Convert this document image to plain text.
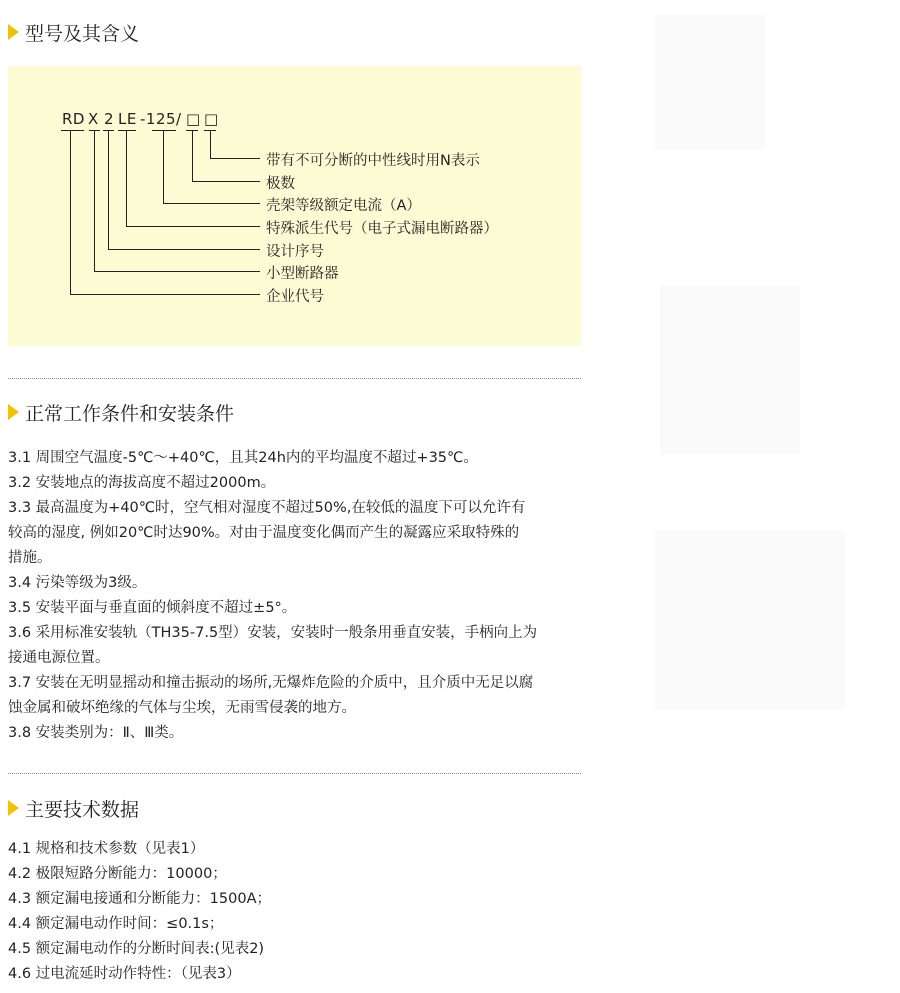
型号及其含义
RD X 2 LE -125/ □ □
带有不可分断的中性线时用N表示
极数
壳架等级额定电流（A）
特殊派生代号（电子式漏电断路器）
设计序号
小型断路器
企业代号
正常工作条件和安装条件
3.1 周围空气温度-5℃～+40℃，且其24h内的平均温度不超过+35℃。
3.2 安装地点的海拔高度不超过2000m。
3.3 最高温度为+40℃时，空气相对湿度不超过50%,在较低的温度下可以允许有
较高的湿度, 例如20℃时达90%。对由于温度变化偶而产生的凝露应采取特殊的
措施。
3.4 污染等级为3级。
3.5 安装平面与垂直面的倾斜度不超过±5°。
3.6 采用标准安装轨（TH35-7.5型）安装，安装时一般条用垂直安装，手柄向上为
接通电源位置。
3.7 安装在无明显摇动和撞击振动的场所,无爆炸危险的介质中，且介质中无足以腐
蚀金属和破坏绝缘的气体与尘埃，无雨雪侵袭的地方。
3.8 安装类别为：Ⅱ、Ⅲ类。
主要技术数据
4.1 规格和技术参数（见表1）
4.2 极限短路分断能力：10000；
4.3 额定漏电接通和分断能力：1500A；
4.4 额定漏电动作时间：≤0.1s；
4.5 额定漏电动作的分断时间表:(见表2)
4.6 过电流延时动作特性：（见表3）
